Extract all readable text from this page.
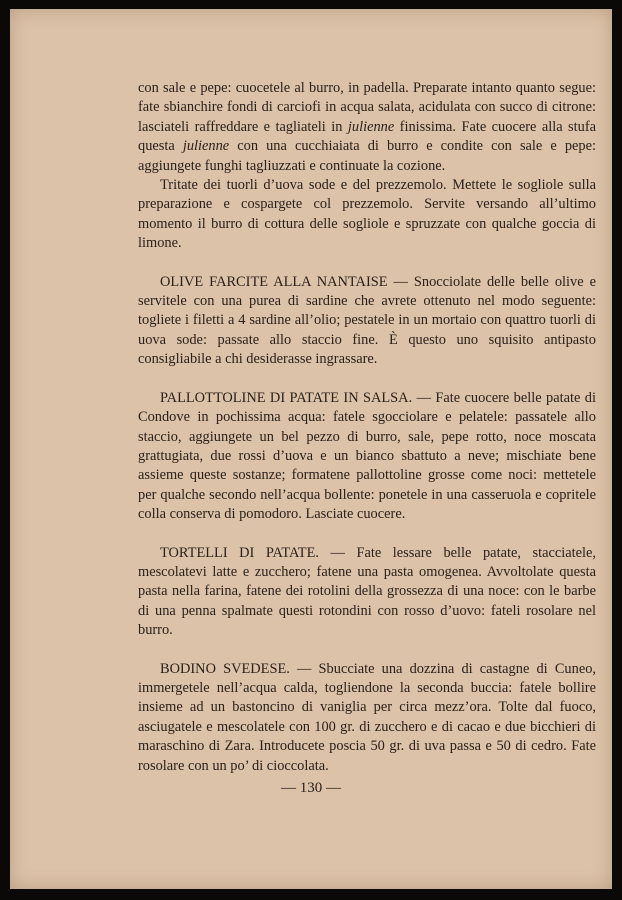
con sale e pepe: cuocetele al burro, in padella. Preparate intanto quanto segue: fate sbianchire fondi di carciofi in acqua salata, acidulata con succo di citrone: lasciateli raffreddare e tagliateli in julienne finissima. Fate cuocere alla stufa questa julienne con una cucchiaiata di burro e condite con sale e pepe: aggiungete funghi tagliuzzati e continuate la cozione.

Tritate dei tuorli d’uova sode e del prezzemolo. Mettete le sogliole sulla preparazione e cospargete col prezzemolo. Servite versando all’ultimo momento il burro di cottura delle sogliole e spruzzate con qualche goccia di limone.

OLIVE FARCITE ALLA NANTAISE — Snocciolate delle belle olive e servitele con una purea di sardine che avrete ottenuto nel modo seguente: togliete i filetti a 4 sardine all’olio; pestatele in un mortaio con quattro tuorli di uova sode: passate allo staccio fine. È questo uno squisito antipasto consigliabile a chi desiderasse ingrassare.

PALLOTTOLINE DI PATATE IN SALSA. — Fate cuocere belle patate di Condove in pochissima acqua: fatele sgocciolare e pelatele: passatele allo staccio, aggiungete un bel pezzo di burro, sale, pepe rotto, noce moscata grattugiata, due rossi d’uova e un bianco sbattuto a neve; mischiate bene assieme queste sostanze; formatene pallottoline grosse come noci: mettetele per qualche secondo nell’acqua bollente: ponetele in una casseruola e copritele colla conserva di pomodoro. Lasciate cuocere.

TORTELLI DI PATATE. — Fate lessare belle patate, stacciatele, mescolatevi latte e zucchero; fatene una pasta omogenea. Avvoltolate questa pasta nella farina, fatene dei rotolini della grossezza di una noce: con le barbe di una penna spalmate questi rotondini con rosso d’uovo: fateli rosolare nel burro.

BODINO SVEDESE. — Sbucciate una dozzina di castagne di Cuneo, immergetele nell’acqua calda, togliendone la seconda buccia: fatele bollire insieme ad un bastoncino di vaniglia per circa mezz’ora. Tolte dal fuoco, asciugatele e mescolatele con 100 gr. di zucchero e di cacao e due bicchieri di maraschino di Zara. Introducete poscia 50 gr. di uva passa e 50 di cedro. Fate rosolare con un po’ di cioccolata.

— 130 —
